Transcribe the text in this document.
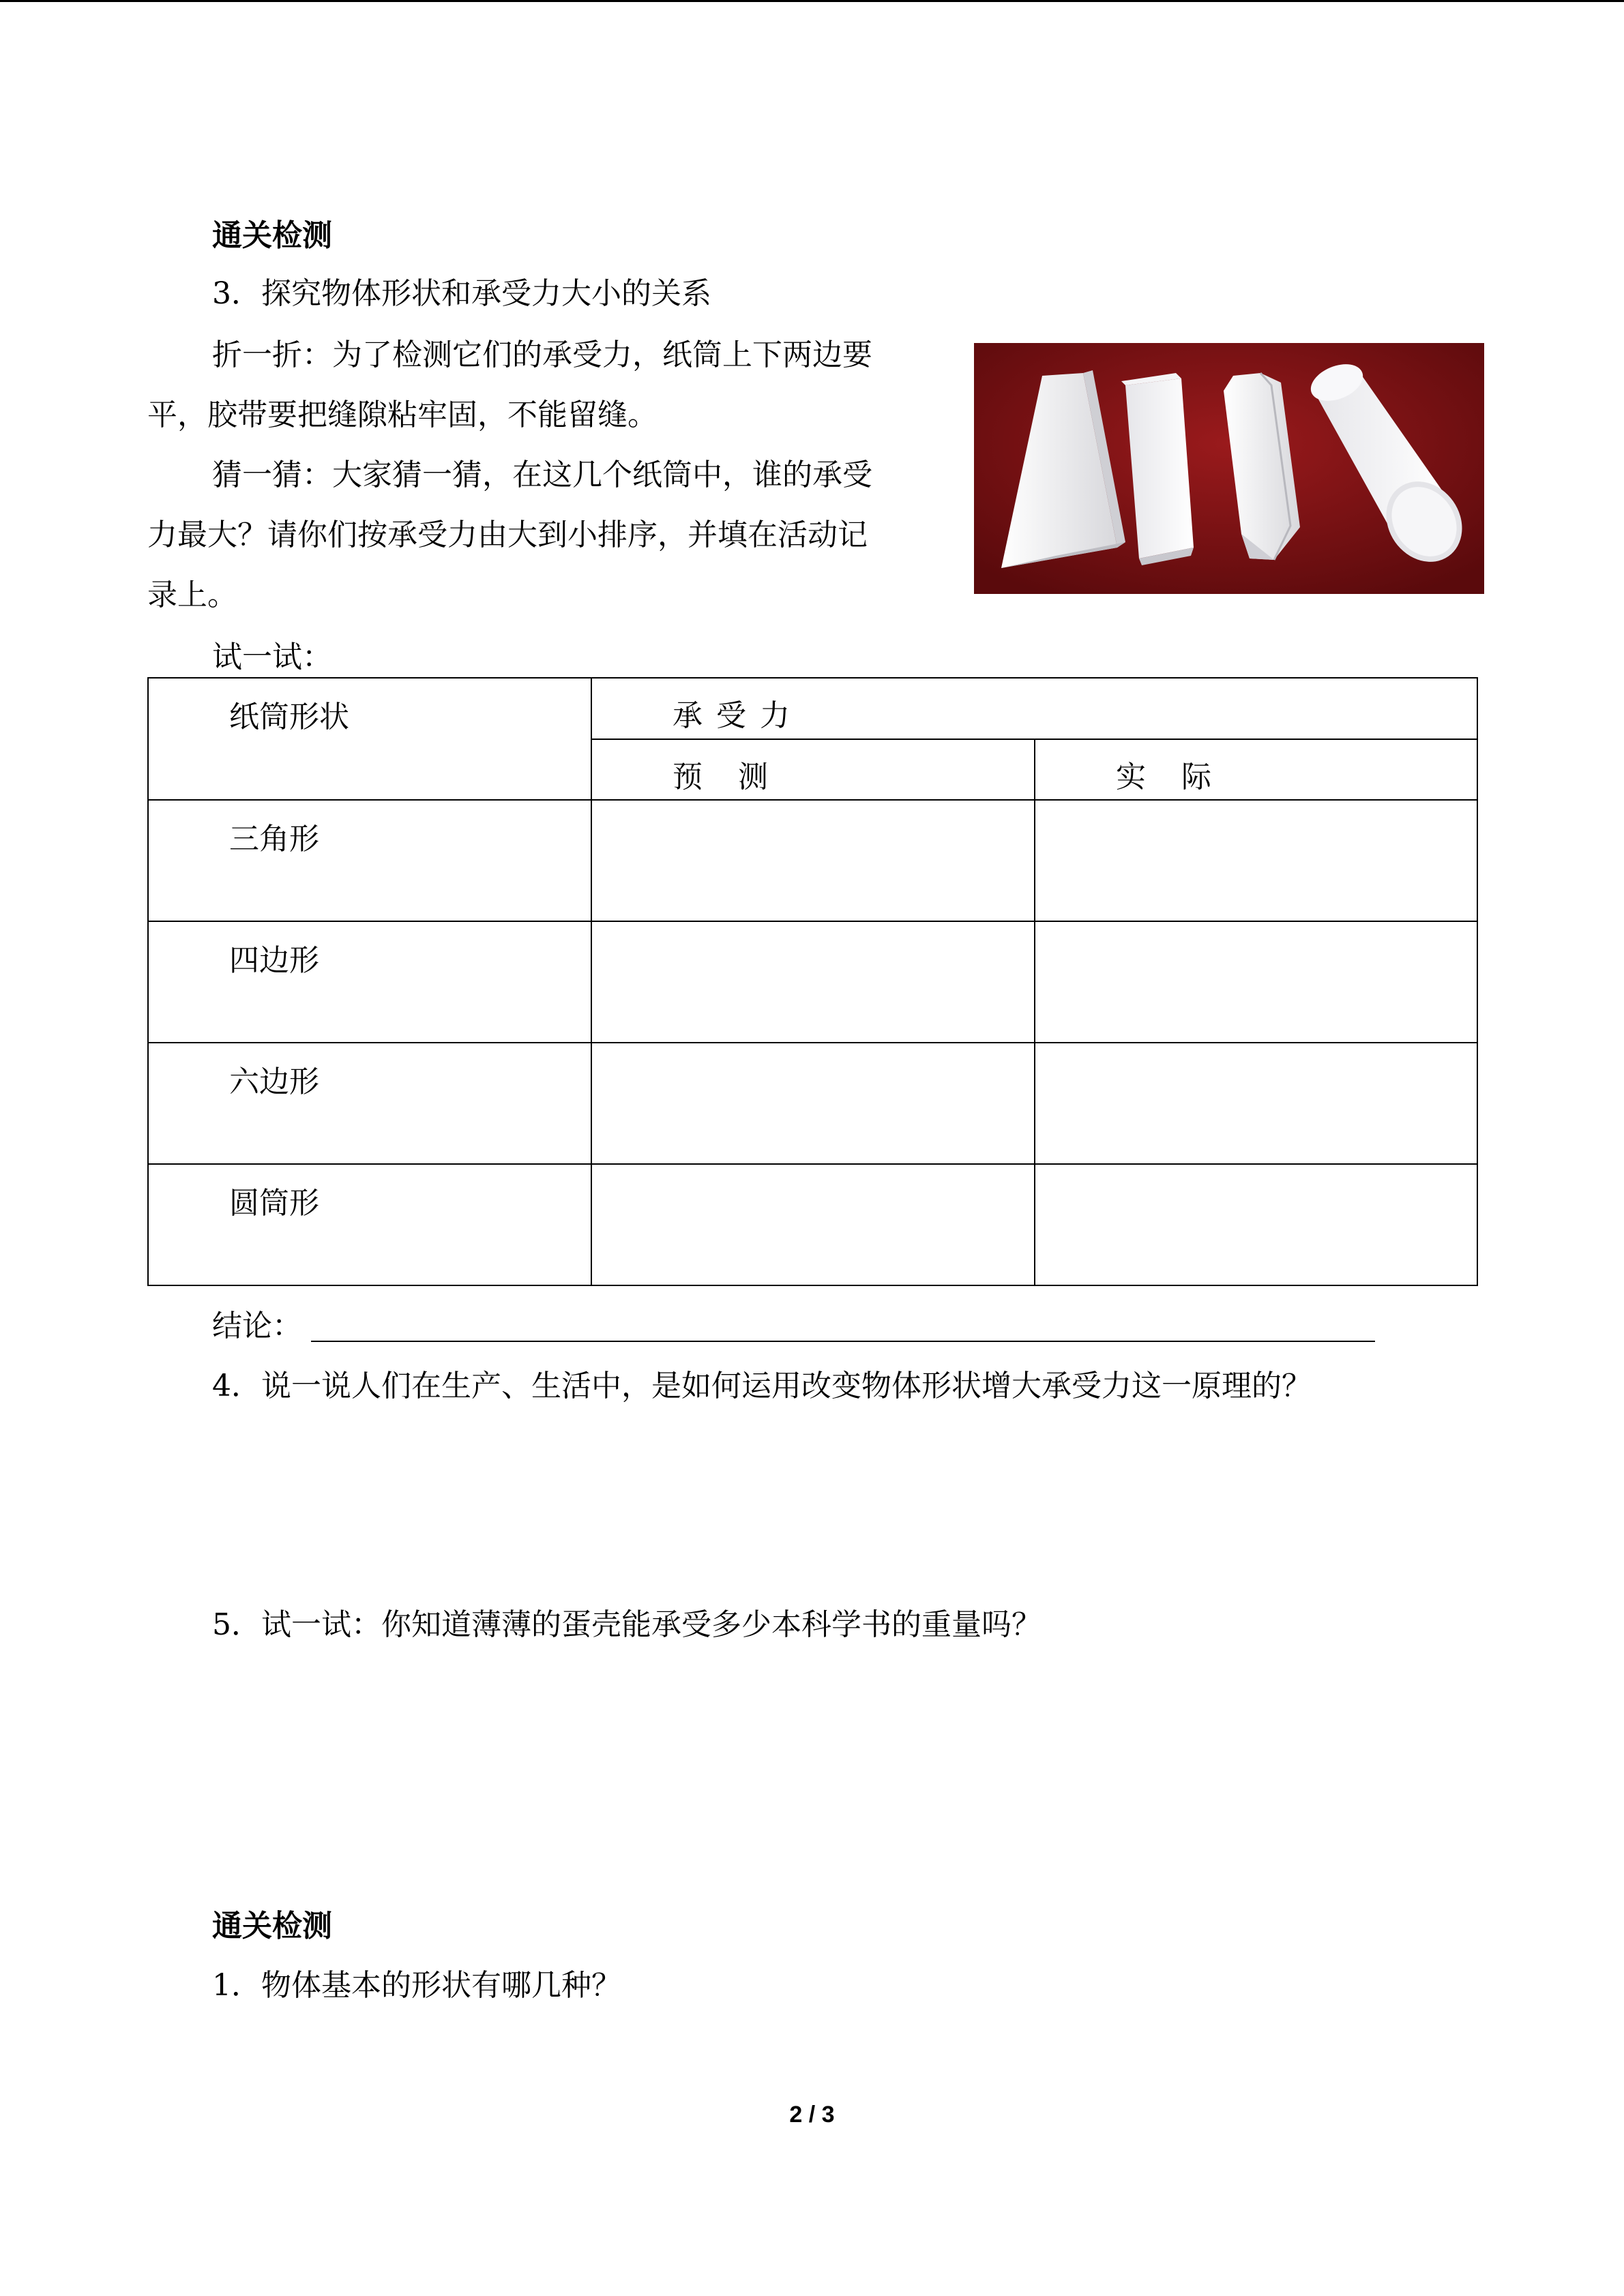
通关检测
3．探究物体形状和承受力大小的关系
折一折：为了检测它们的承受力，纸筒上下两边要
平，胶带要把缝隙粘牢固，不能留缝。
猜一猜：大家猜一猜，在这几个纸筒中，谁的承受
力最大？请你们按承受力由大到小排序，并填在活动记
录上。
试一试：
纸筒形状	承受力	
	预测	实际
三角形		
四边形		
六边形		
圆筒形		
结论：
4．说一说人们在生产、生活中，是如何运用改变物体形状增大承受力这一原理的？
5．试一试：你知道薄薄的蛋壳能承受多少本科学书的重量吗？
通关检测
1．物体基本的形状有哪几种？
2 / 3
